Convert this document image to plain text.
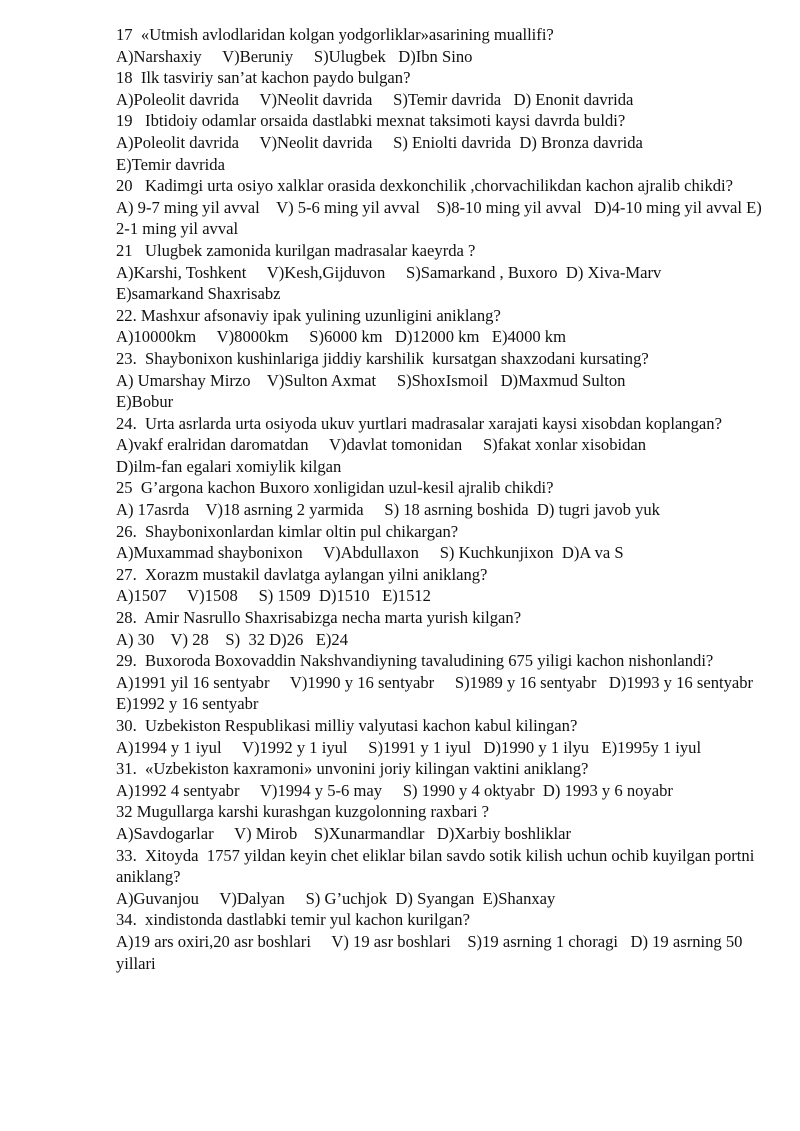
17  «Utmish avlodlaridan kolgan yodgorliklar»asarining muallifi?
A)Narshaxiy     V)Beruniy     S)Ulugbek   D)Ibn Sino
18  Ilk tasviriy san’at kachon paydo bulgan?
A)Poleolit davrida     V)Neolit davrida     S)Temir davrida   D) Enonit davrida
19   Ibtidoiy odamlar orsaida dastlabki mexnat taksimoti kaysi davrda buldi?
A)Poleolit davrida     V)Neolit davrida     S) Eniolti davrida  D) Bronza davrida
E)Temir davrida
20   Kadimgi urta osiyo xalklar orasida dexkonchilik ,chorvachilikdan kachon ajralib chikdi?
A) 9-7 ming yil avval    V) 5-6 ming yil avval    S)8-10 ming yil avval   D)4-10 ming yil avval E) 2-1 ming yil avval
21   Ulugbek zamonida kurilgan madrasalar kaeyrda ?
A)Karshi, Toshkent     V)Kesh,Gijduvon     S)Samarkand , Buxoro  D) Xiva-Marv
E)samarkand Shaxrisabz
22. Mashxur afsonaviy ipak yulining uzunligini aniklang?
A)10000km     V)8000km     S)6000 km   D)12000 km   E)4000 km
23.  Shaybonixon kushinlariga jiddiy karshilik  kursatgan shaxzodani kursating?
A) Umarshay Mirzo    V)Sulton Axmat     S)ShoxIsmoil   D)Maxmud Sulton
E)Bobur
24.  Urta asrlarda urta osiyoda ukuv yurtlari madrasalar xarajati kaysi xisobdan koplangan?
A)vakf eralridan daromatdan     V)davlat tomonidan     S)fakat xonlar xisobidan
D)ilm-fan egalari xomiylik kilgan
25  G’argona kachon Buxoro xonligidan uzul-kesil ajralib chikdi?
A) 17asrda    V)18 asrning 2 yarmida     S) 18 asrning boshida  D) tugri javob yuk
26.  Shaybonixonlardan kimlar oltin pul chikargan?
A)Muxammad shaybonixon     V)Abdullaxon     S) Kuchkunjixon  D)A va S
27.  Xorazm mustakil davlatga aylangan yilni aniklang?
A)1507     V)1508     S) 1509  D)1510   E)1512
28.  Amir Nasrullo Shaxrisabizga necha marta yurish kilgan?
A) 30    V) 28    S)  32 D)26   E)24
29.  Buxoroda Boxovaddin Nakshvandiyning tavaludining 675 yiligi kachon nishonlandi?
A)1991 yil 16 sentyabr     V)1990 y 16 sentyabr     S)1989 y 16 sentyabr   D)1993 y 16 sentyabr   E)1992 y 16 sentyabr
30.  Uzbekiston Respublikasi milliy valyutasi kachon kabul kilingan?
A)1994 y 1 iyul     V)1992 y 1 iyul     S)1991 y 1 iyul   D)1990 y 1 ilyu   E)1995y 1 iyul
31.  «Uzbekiston kaxramoni» unvonini joriy kilingan vaktini aniklang?
A)1992 4 sentyabr     V)1994 y 5-6 may     S) 1990 y 4 oktyabr  D) 1993 y 6 noyabr
32 Mugullarga karshi kurashgan kuzgolonning raxbari ?
A)Savdogarlar     V) Mirob    S)Xunarmandlar   D)Xarbiy boshliklar
33.  Xitoyda  1757 yildan keyin chet eliklar bilan savdo sotik kilish uchun ochib kuyilgan portni aniklang?
A)Guvanjou     V)Dalyan     S) G’uchjok  D) Syangan  E)Shanxay
34.  xindistonda dastlabki temir yul kachon kurilgan?
A)19 ars oxiri,20 asr boshlari     V) 19 asr boshlari    S)19 asrning 1 choragi   D) 19 asrning 50 yillari
